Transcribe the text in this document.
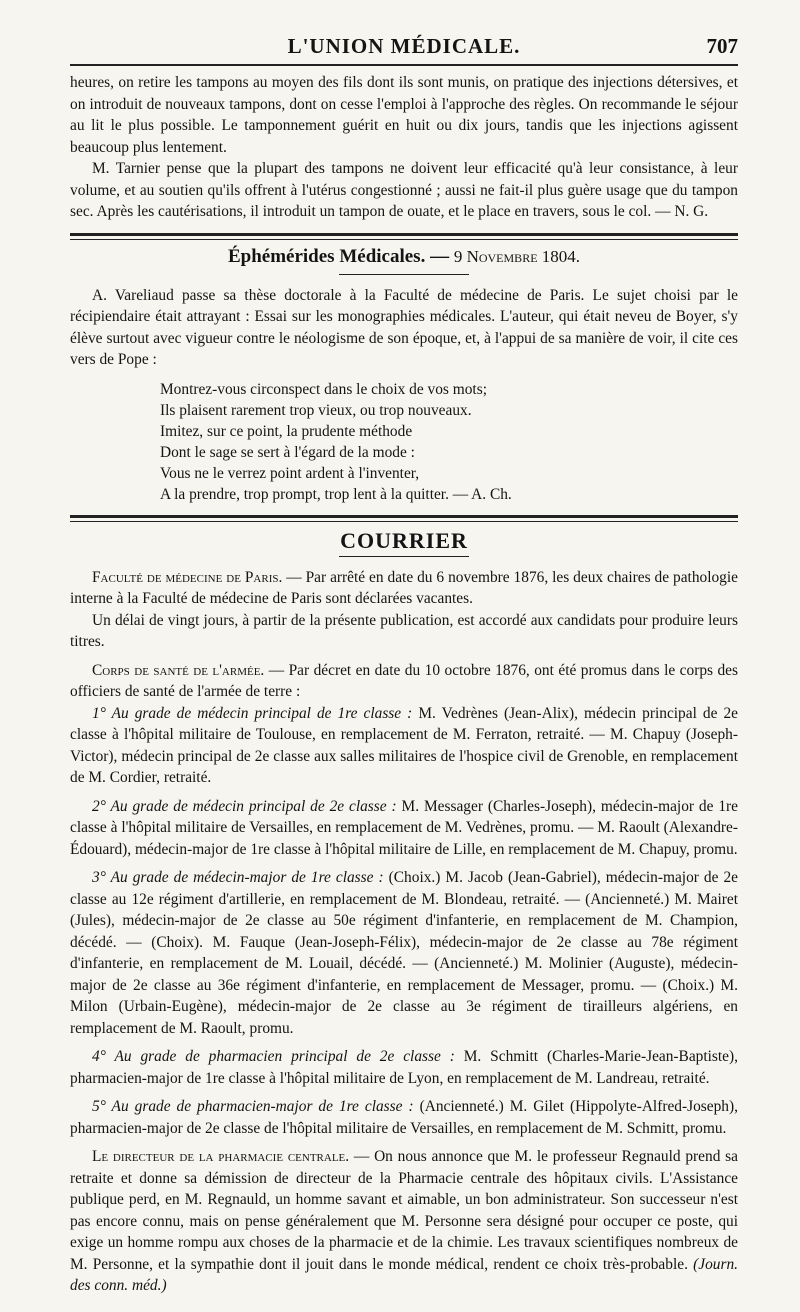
L'UNION MÉDICALE.	707

heures, on retire les tampons au moyen des fils dont ils sont munis, on pratique des injections détersives, et on introduit de nouveaux tampons, dont on cesse l'emploi à l'approche des règles. On recommande le séjour au lit le plus possible. Le tamponnement guérit en huit ou dix jours, tandis que les injections agissent beaucoup plus lentement.

M. Tarnier pense que la plupart des tampons ne doivent leur efficacité qu'à leur consistance, à leur volume, et au soutien qu'ils offrent à l'utérus congestionné ; aussi ne fait-il plus guère usage que du tampon sec. Après les cautérisations, il introduit un tampon de ouate, et le place en travers, sous le col. — N. G.

Éphémérides Médicales. — 9 Novembre 1804.

A. Vareliaud passe sa thèse doctorale à la Faculté de médecine de Paris. Le sujet choisi par le récipiendaire était attrayant : Essai sur les monographies médicales. L'auteur, qui était neveu de Boyer, s'y élève surtout avec vigueur contre le néologisme de son époque, et, à l'appui de sa manière de voir, il cite ces vers de Pope :

Montrez-vous circonspect dans le choix de vos mots;
Ils plaisent rarement trop vieux, ou trop nouveaux.
Imitez, sur ce point, la prudente méthode
Dont le sage se sert à l'égard de la mode :
Vous ne le verrez point ardent à l'inventer,
A la prendre, trop prompt, trop lent à la quitter. — A. Ch.
COURRIER

Faculté de médecine de Paris. — Par arrêté en date du 6 novembre 1876, les deux chaires de pathologie interne à la Faculté de médecine de Paris sont déclarées vacantes.

Un délai de vingt jours, à partir de la présente publication, est accordé aux candidats pour produire leurs titres.

Corps de santé de l'armée. — Par décret en date du 10 octobre 1876, ont été promus dans le corps des officiers de santé de l'armée de terre :

1° Au grade de médecin principal de 1re classe : M. Vedrènes (Jean-Alix), médecin principal de 2e classe à l'hôpital militaire de Toulouse, en remplacement de M. Ferraton, retraité. — M. Chapuy (Joseph-Victor), médecin principal de 2e classe aux salles militaires de l'hospice civil de Grenoble, en remplacement de M. Cordier, retraité.

2° Au grade de médecin principal de 2e classe : M. Messager (Charles-Joseph), médecin-major de 1re classe à l'hôpital militaire de Versailles, en remplacement de M. Vedrènes, promu. — M. Raoult (Alexandre-Édouard), médecin-major de 1re classe à l'hôpital militaire de Lille, en remplacement de M. Chapuy, promu.

3° Au grade de médecin-major de 1re classe : (Choix.) M. Jacob (Jean-Gabriel), médecin-major de 2e classe au 12e régiment d'artillerie, en remplacement de M. Blondeau, retraité. — (Ancienneté.) M. Mairet (Jules), médecin-major de 2e classe au 50e régiment d'infanterie, en remplacement de M. Champion, décédé. — (Choix). M. Fauque (Jean-Joseph-Félix), médecin-major de 2e classe au 78e régiment d'infanterie, en remplacement de M. Louail, décédé. — (Ancienneté.) M. Molinier (Auguste), médecin-major de 2e classe au 36e régiment d'infanterie, en remplacement de Messager, promu. — (Choix.) M. Milon (Urbain-Eugène), médecin-major de 2e classe au 3e régiment de tirailleurs algériens, en remplacement de M. Raoult, promu.

4° Au grade de pharmacien principal de 2e classe : M. Schmitt (Charles-Marie-Jean-Baptiste), pharmacien-major de 1re classe à l'hôpital militaire de Lyon, en remplacement de M. Landreau, retraité.

5° Au grade de pharmacien-major de 1re classe : (Ancienneté.) M. Gilet (Hippolyte-Alfred-Joseph), pharmacien-major de 2e classe de l'hôpital militaire de Versailles, en remplacement de M. Schmitt, promu.

Le directeur de la pharmacie centrale. — On nous annonce que M. le professeur Regnauld prend sa retraite et donne sa démission de directeur de la Pharmacie centrale des hôpitaux civils. L'Assistance publique perd, en M. Regnauld, un homme savant et aimable, un bon administrateur. Son successeur n'est pas encore connu, mais on pense généralement que M. Personne sera désigné pour occuper ce poste, qui exige un homme rompu aux choses de la pharmacie et de la chimie. Les travaux scientifiques nombreux de M. Personne, et la sympathie dont il jouit dans le monde médical, rendent ce choix très-probable. (Journ. des conn. méd.)
